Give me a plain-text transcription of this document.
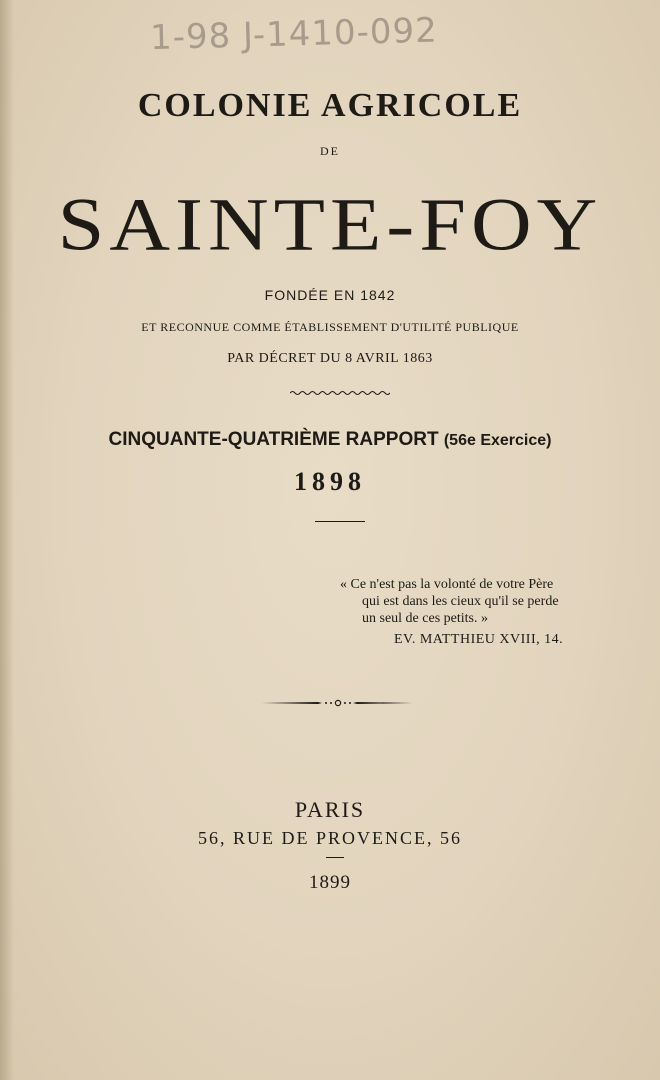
1-98 J-1410-092
COLONIE AGRICOLE
DE
SAINTE-FOY
FONDÉE EN 1842
ET RECONNUE COMME ÉTABLISSEMENT D'UTILITÉ PUBLIQUE
PAR DÉCRET DU 8 AVRIL 1863
CINQUANTE-QUATRIÈME RAPPORT (56e Exercice)
1898
« Ce n'est pas la volonté de votre Père
qui est dans les cieux qu'il se perde
un seul de ces petits. »
EV. MATTHIEU XVIII, 14.
PARIS
56, RUE DE PROVENCE, 56
1899
